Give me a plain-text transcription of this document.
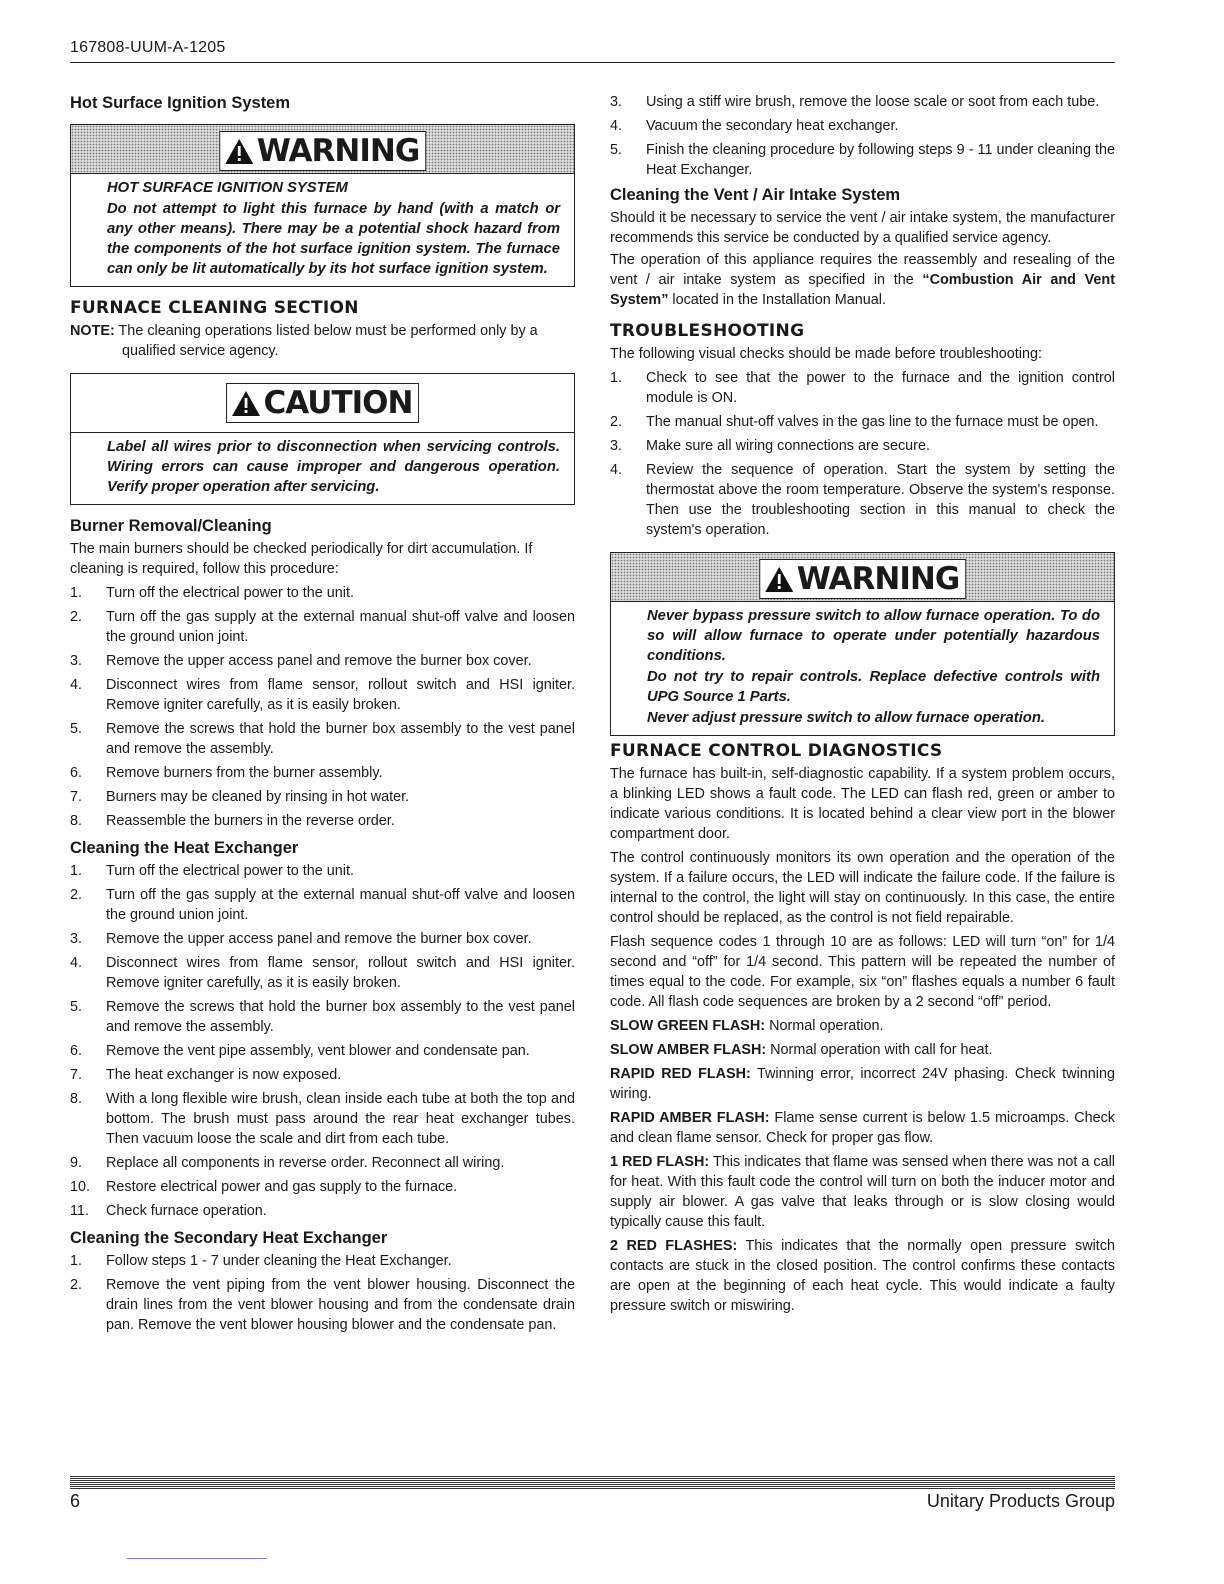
167808-UUM-A-1205
Hot Surface Ignition System
WARNING

HOT SURFACE IGNITION SYSTEM

Do not attempt to light this furnace by hand (with a match or any other means). There may be a potential shock hazard from the components of the hot surface ignition system. The furnace can only be lit automatically by its hot surface ignition system.

FURNACE CLEANING SECTION

NOTE: The cleaning operations listed below must be performed only by a qualified service agency.

CAUTION

Label all wires prior to disconnection when servicing controls. Wiring errors can cause improper and dangerous operation. Verify proper operation after servicing.

Burner Removal/Cleaning

The main burners should be checked periodically for dirt accumulation. If cleaning is required, follow this procedure:

1. Turn off the electrical power to the unit.
2. Turn off the gas supply at the external manual shut-off valve and loosen the ground union joint.
3. Remove the upper access panel and remove the burner box cover.
4. Disconnect wires from flame sensor, rollout switch and HSI igniter. Remove igniter carefully, as it is easily broken.
5. Remove the screws that hold the burner box assembly to the vest panel and remove the assembly.
6. Remove burners from the burner assembly.
7. Burners may be cleaned by rinsing in hot water.
8. Reassemble the burners in the reverse order.
Cleaning the Heat Exchanger
1. Turn off the electrical power to the unit.
2. Turn off the gas supply at the external manual shut-off valve and loosen the ground union joint.
3. Remove the upper access panel and remove the burner box cover.
4. Disconnect wires from flame sensor, rollout switch and HSI igniter. Remove igniter carefully, as it is easily broken.
5. Remove the screws that hold the burner box assembly to the vest panel and remove the assembly.
6. Remove the vent pipe assembly, vent blower and condensate pan.
7. The heat exchanger is now exposed.
8. With a long flexible wire brush, clean inside each tube at both the top and bottom. The brush must pass around the rear heat exchanger tubes. Then vacuum loose the scale and dirt from each tube.
9. Replace all components in reverse order. Reconnect all wiring.
10. Restore electrical power and gas supply to the furnace.
11. Check furnace operation.
Cleaning the Secondary Heat Exchanger
1. Follow steps 1 - 7 under cleaning the Heat Exchanger.
2. Remove the vent piping from the vent blower housing. Disconnect the drain lines from the vent blower housing and from the condensate drain pan. Remove the vent blower housing blower and the condensate pan.
3. Using a stiff wire brush, remove the loose scale or soot from each tube.
4. Vacuum the secondary heat exchanger.
5. Finish the cleaning procedure by following steps 9 - 11 under cleaning the Heat Exchanger.
Cleaning the Vent / Air Intake System

Should it be necessary to service the vent / air intake system, the manufacturer recommends this service be conducted by a qualified service agency.

The operation of this appliance requires the reassembly and resealing of the vent / air intake system as specified in the “Combustion Air and Vent System” located in the Installation Manual.

TROUBLESHOOTING

The following visual checks should be made before troubleshooting:

1. Check to see that the power to the furnace and the ignition control module is ON.
2. The manual shut-off valves in the gas line to the furnace must be open.
3. Make sure all wiring connections are secure.
4. Review the sequence of operation. Start the system by setting the thermostat above the room temperature. Observe the system's response. Then use the troubleshooting section in this manual to check the system's operation.
WARNING

Never bypass pressure switch to allow furnace operation. To do so will allow furnace to operate under potentially hazardous conditions.

Do not try to repair controls. Replace defective controls with UPG Source 1 Parts.

Never adjust pressure switch to allow furnace operation.

FURNACE CONTROL DIAGNOSTICS

The furnace has built-in, self-diagnostic capability. If a system problem occurs, a blinking LED shows a fault code. The LED can flash red, green or amber to indicate various conditions. It is located behind a clear view port in the blower compartment door.

The control continuously monitors its own operation and the operation of the system. If a failure occurs, the LED will indicate the failure code. If the failure is internal to the control, the light will stay on continuously. In this case, the entire control should be replaced, as the control is not field repairable.

Flash sequence codes 1 through 10 are as follows: LED will turn “on” for 1/4 second and “off” for 1/4 second. This pattern will be repeated the number of times equal to the code. For example, six “on” flashes equals a number 6 fault code. All flash code sequences are broken by a 2 second “off” period.

SLOW GREEN FLASH: Normal operation.

SLOW AMBER FLASH: Normal operation with call for heat.

RAPID RED FLASH: Twinning error, incorrect 24V phasing. Check twinning wiring.

RAPID AMBER FLASH: Flame sense current is below 1.5 microamps. Check and clean flame sensor. Check for proper gas flow.

1 RED FLASH: This indicates that flame was sensed when there was not a call for heat. With this fault code the control will turn on both the inducer motor and supply air blower. A gas valve that leaks through or is slow closing would typically cause this fault.

2 RED FLASHES: This indicates that the normally open pressure switch contacts are stuck in the closed position. The control confirms these contacts are open at the beginning of each heat cycle. This would indicate a faulty pressure switch or miswiring.

6	Unitary Products Group
